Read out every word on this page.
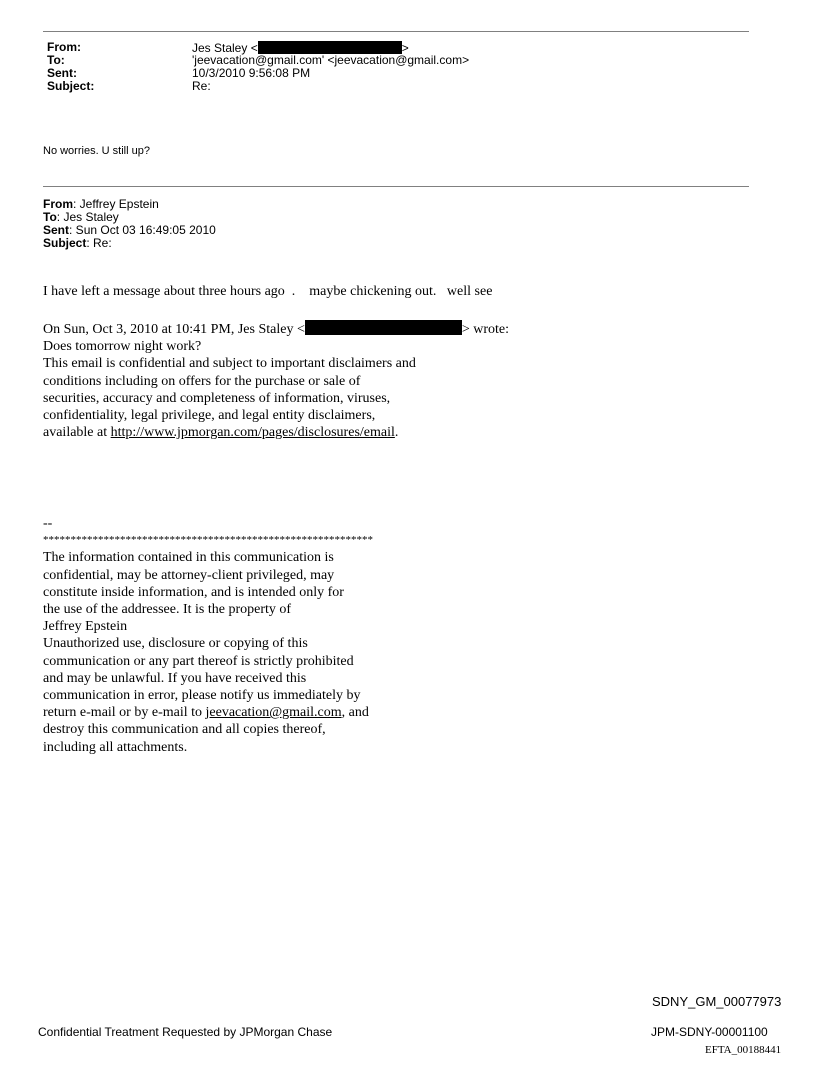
From:	Jes Staley <	>
To:	'jeevacation@gmail.com' <jeevacation@gmail.com>
Sent:	10/3/2010 9:56:08 PM
Subject:	Re:
No worries. U still up?
From: Jeffrey Epstein
To: Jes Staley
Sent: Sun Oct 03 16:49:05 2010
Subject: Re:
I have left a message about three hours ago  .    maybe chickening out.   well see
On Sun, Oct 3, 2010 at 10:41 PM, Jes Staley <	> wrote:
Does tomorrow night work?
This email is confidential and subject to important disclaimers and
conditions including on offers for the purchase or sale of
securities, accuracy and completeness of information, viruses,
confidentiality, legal privilege, and legal entity disclaimers,
available at http://www.jpmorgan.com/pages/disclosures/email.
--
************************************************************
The information contained in this communication is
confidential, may be attorney-client privileged, may
constitute inside information, and is intended only for
the use of the addressee. It is the property of
Jeffrey Epstein
Unauthorized use, disclosure or copying of this
communication or any part thereof is strictly prohibited
and may be unlawful. If you have received this
communication in error, please notify us immediately by
return e-mail or by e-mail to jeevacation@gmail.com, and
destroy this communication and all copies thereof,
including all attachments.
SDNY_GM_00077973
Confidential Treatment Requested by JPMorgan Chase	JPM-SDNY-00001100
EFTA_00188441
